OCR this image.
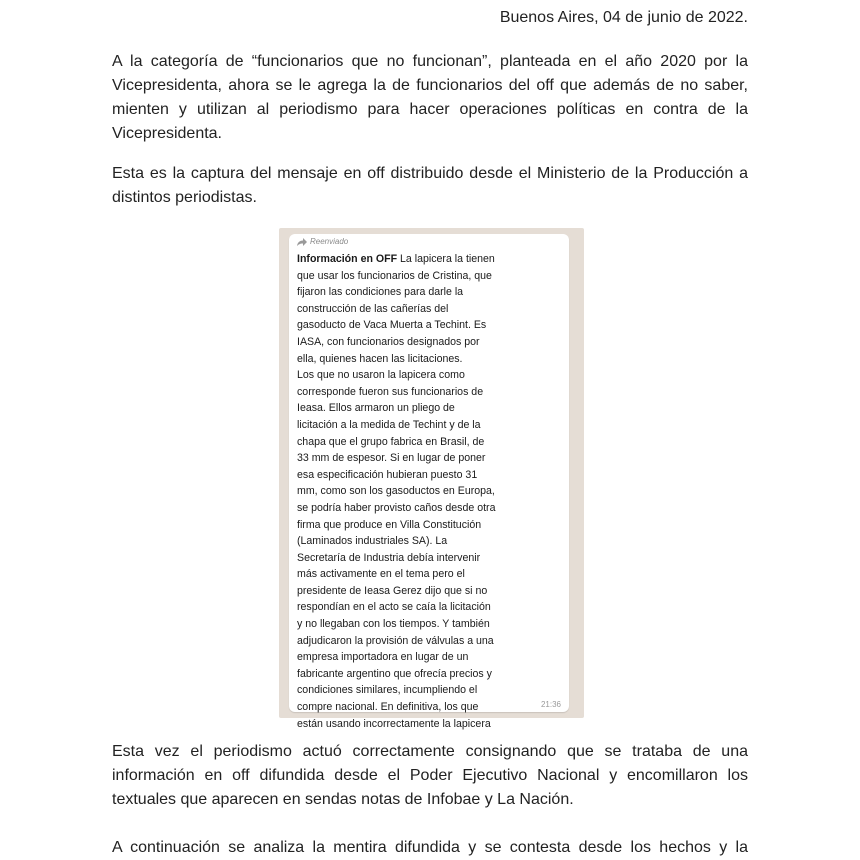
Buenos Aires, 04 de junio de 2022.
A la categoría de “funcionarios que no funcionan”, planteada en el año 2020 por la
Vicepresidenta, ahora se le agrega la de funcionarios del off que además de no saber,
mienten y utilizan al periodismo para hacer operaciones políticas en contra de la
Vicepresidenta.
Esta es la captura del mensaje en off distribuido desde el Ministerio de la Producción a
distintos periodistas.
Reenviado
Información en OFF La lapicera la tienen
que usar los funcionarios de Cristina, que
fijaron las condiciones para darle la
construcción de las cañerías del
gasoducto de Vaca Muerta a Techint. Es
IASA, con funcionarios designados por
ella, quienes hacen las licitaciones.
Los que no usaron la lapicera como
corresponde fueron sus funcionarios de
Ieasa. Ellos armaron un pliego de
licitación a la medida de Techint y de la
chapa que el grupo fabrica en Brasil, de
33 mm de espesor. Si en lugar de poner
esa especificación hubieran puesto 31
mm, como son los gasoductos en Europa,
se podría haber provisto caños desde otra
firma que produce en Villa Constitución
(Laminados industriales SA). La
Secretaría de Industria debía intervenir
más activamente en el tema pero el
presidente de Ieasa Gerez dijo que si no
respondían en el acto se caía la licitación
y no llegaban con los tiempos. Y también
adjudicaron la provisión de válvulas a una
empresa importadora en lugar de un
fabricante argentino que ofrecía precios y
condiciones similares, incumpliendo el
compre nacional. En definitiva, los que
están usando incorrectamente la lapicera
21:36
Esta vez el periodismo actuó correctamente consignando que se trataba de una
información en off difundida desde el Poder Ejecutivo Nacional y encomillaron los
textuales que aparecen en sendas notas de Infobae y La Nación.
A continuación se analiza la mentira difundida y se contesta desde los hechos y la
